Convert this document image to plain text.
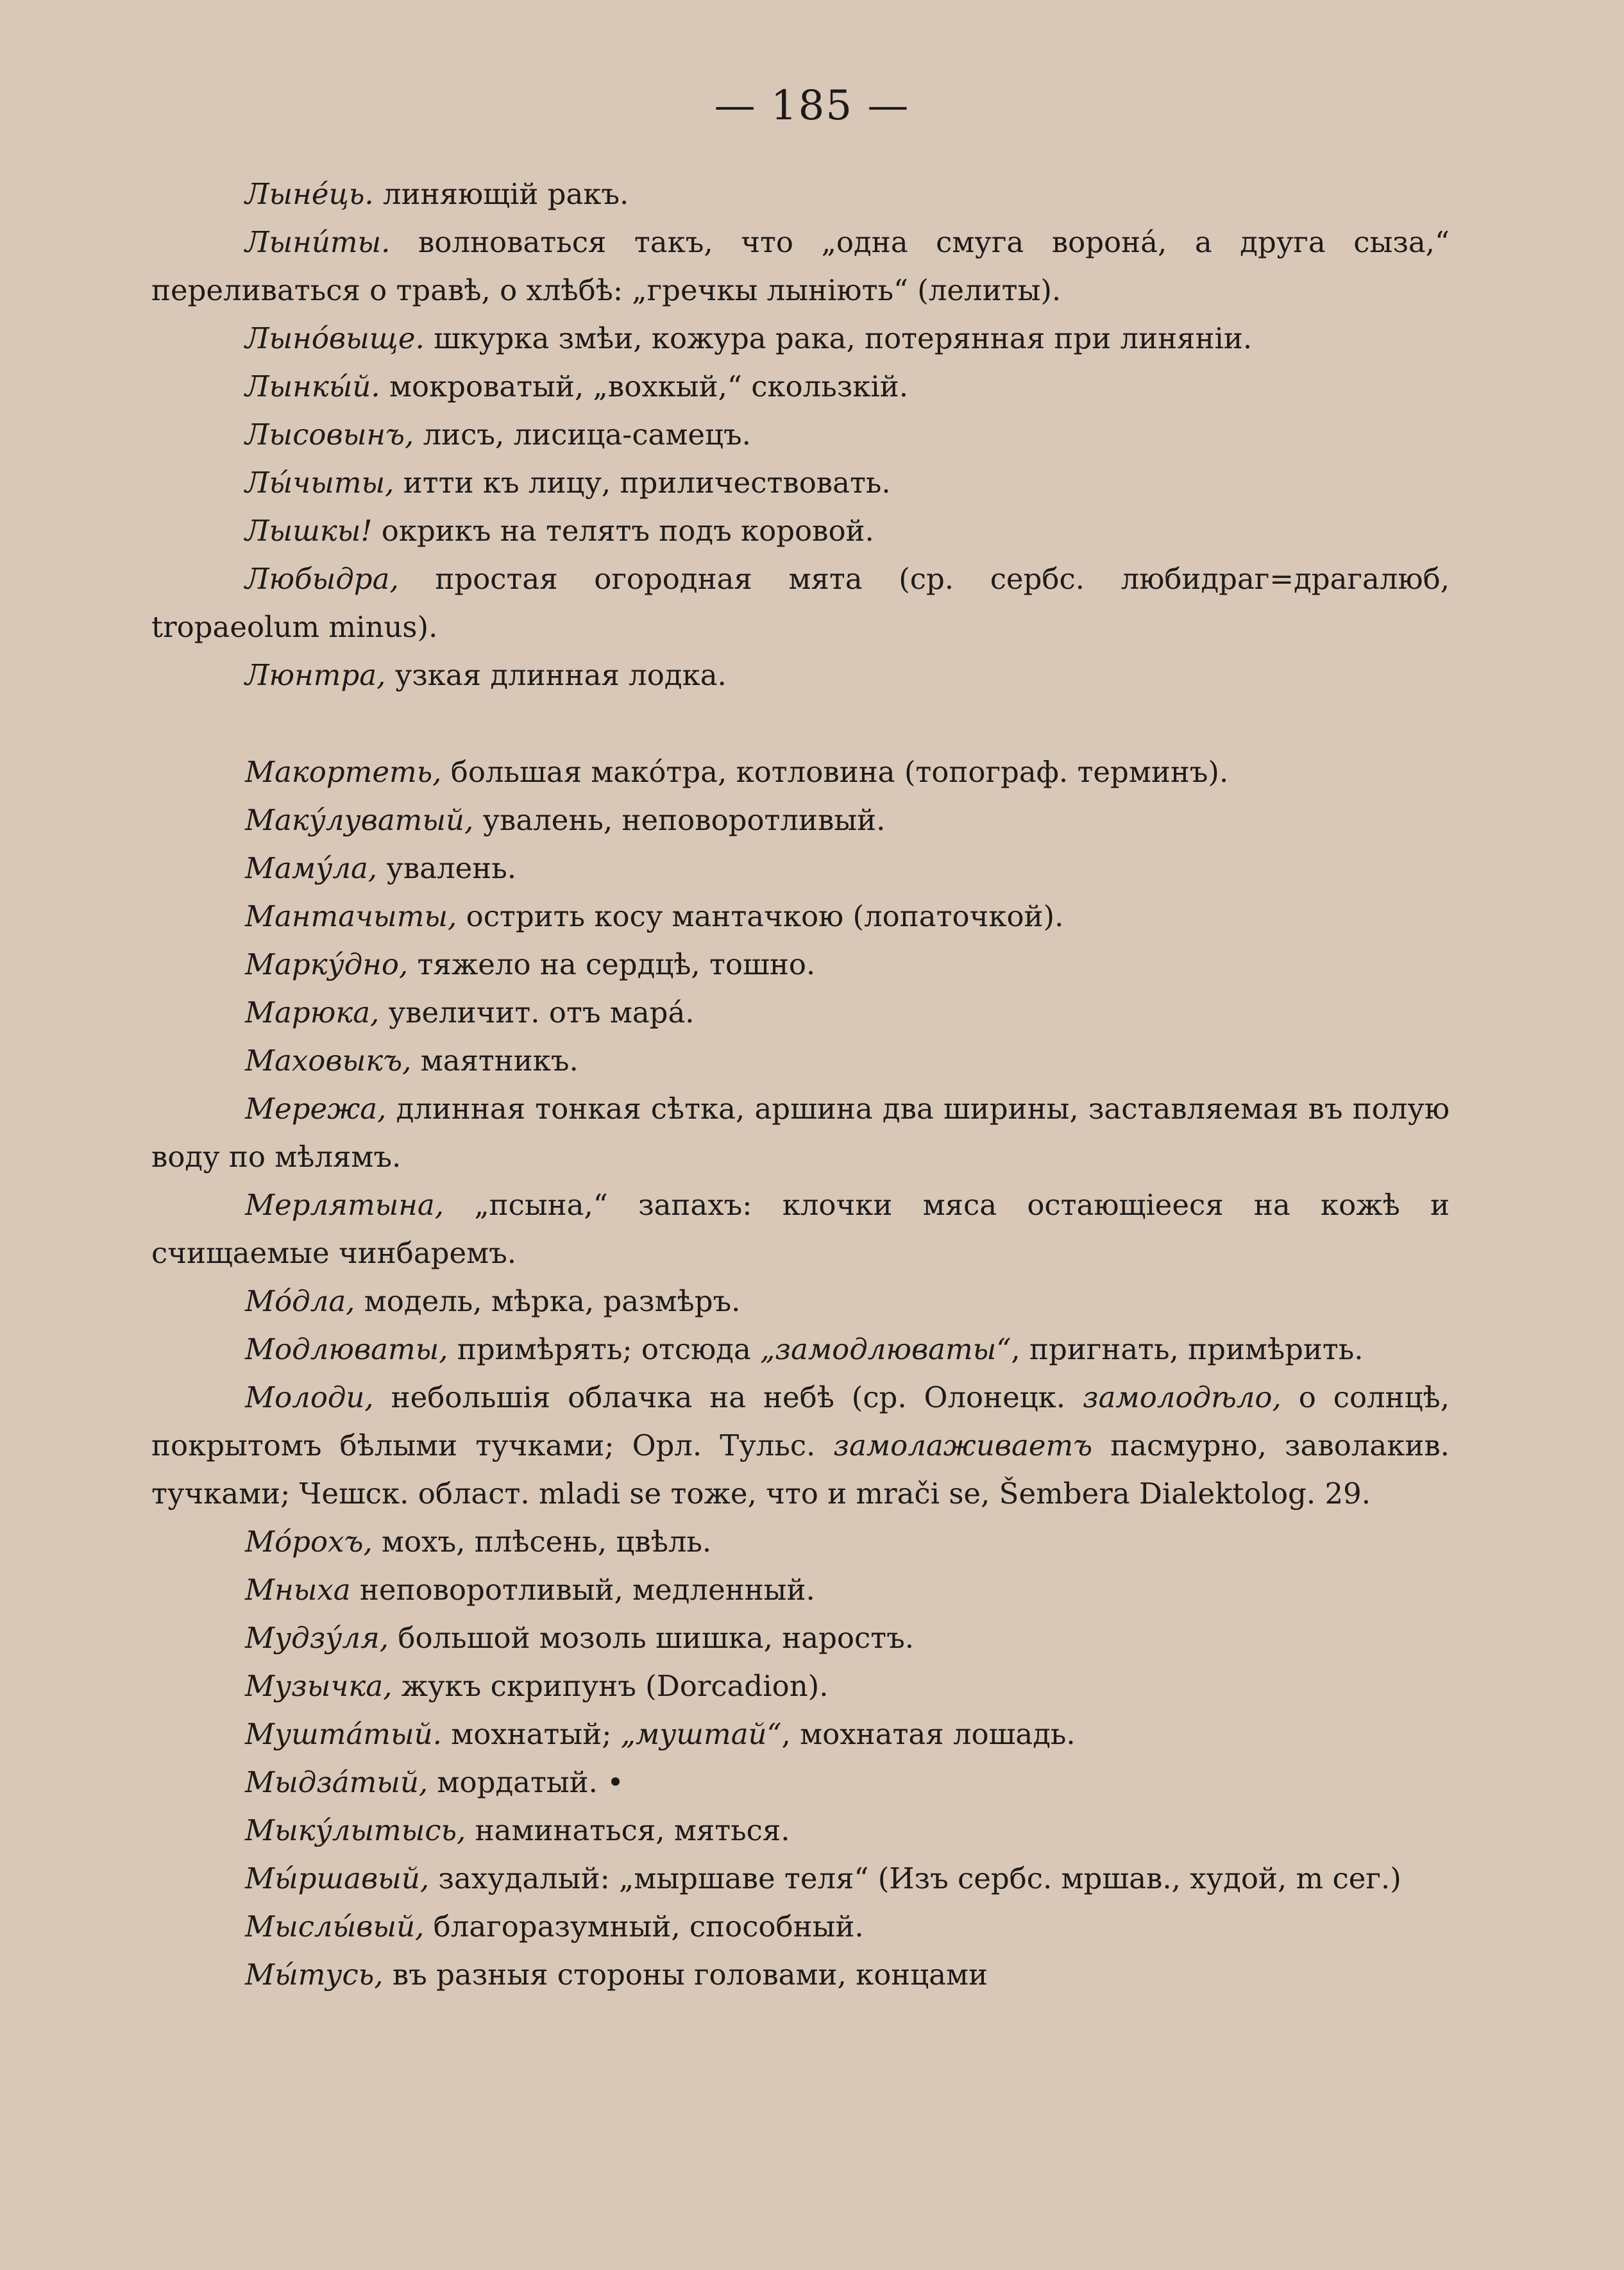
— 185 —

Лынéць. линяющій ракъ.

Лыни́ты. волноваться такъ, что „одна смуга ворона́, а друга сыза,“ переливаться о травѣ, о хлѣбѣ: „гречкы лынiють“ (лелиты).

Лынóвыще. шкурка змѣи, кожура рака, потерянная при линяніи.

Лынкы́й. мокроватый, „вохкый,“ скользкій.

Лысовынъ, лисъ, лисица-самецъ.

Лы́чыты, итти къ лицу, приличествовать.

Лышкы! окрикъ на телятъ подъ коровой.

Любыдра, простая огородная мята (ср. сербс. любидраг=драгалюб, tropaeolum minus).

Люнтра, узкая длинная лодка.

Макортеть, большая макóтра, котловина (топограф. терминъ).

Маку́луватый, увалень, неповоротливый.

Маму́ла, увалень.

Мантачыты, острить косу мантачкою (лопаточкой).

Марку́дно, тяжело на сердцѣ, тошно.

Марюка, увеличит. отъ мара́.

Маховыкъ, маятникъ.

Мережа, длинная тонкая сѣтка, аршина два ширины, заставляемая въ полую воду по мѣлямъ.

Мерлятына, „псына,“ запахъ: клочки мяса остающіееся на кожѣ и счищаемые чинбаремъ.

Мóдла, модель, мѣрка, размѣръ.

Модлюваты, примѣрять; отсюда „замодлюваты“, пригнать, примѣрить.

Молоди, небольшія облачка на небѣ (ср. Олонецк. замолодѣло, о солнцѣ, покрытомъ бѣлыми тучками; Орл. Тульс. замолаживаетъ пасмурно, заволакив. тучками; Чешск. област. mladi se тоже, что и mrači se, Šembera Dialektolog. 29.

Мóрохъ, мохъ, плѣсень, цвѣль.

Мныха неповоротливый, медленный.

Мудзу́ля, большой мозоль шишка, наростъ.

Музычка, жукъ скрипунъ (Dorcadion).

Мушта́тый. мохнатый; „муштай“, мохнатая лошадь.

Мыдза́тый, мордатый. •

Мыку́лытысь, наминаться, мяться.

Мы́ршавый, захудалый: „мыршаве теля“ (Изъ сербс. мршав., худой, m сег.)

Мыслы́вый, благоразумный, способный.

Мы́тусь, въ разныя стороны головами, концами
